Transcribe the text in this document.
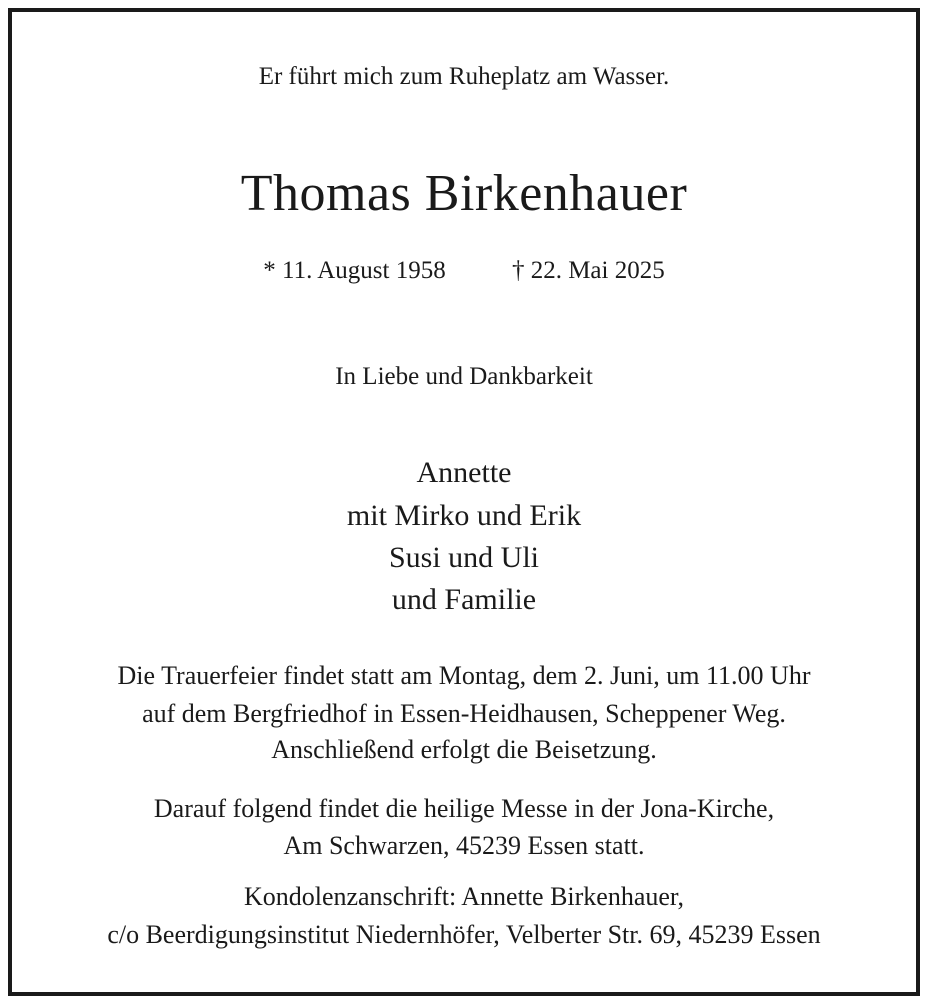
Er führt mich zum Ruheplatz am Wasser.
Thomas Birkenhauer
* 11. August 1958	† 22. Mai 2025
In Liebe und Dankbarkeit
Annette
mit Mirko und Erik
Susi und Uli
und Familie
Die Trauerfeier findet statt am Montag, dem 2. Juni, um 11.00 Uhr
auf dem Bergfriedhof in Essen-Heidhausen, Scheppener Weg.
Anschließend erfolgt die Beisetzung.
Darauf folgend findet die heilige Messe in der Jona-Kirche,
Am Schwarzen, 45239 Essen statt.
Kondolenzanschrift: Annette Birkenhauer,
c/o Beerdigungsinstitut Niedernhöfer, Velberter Str. 69, 45239 Essen
